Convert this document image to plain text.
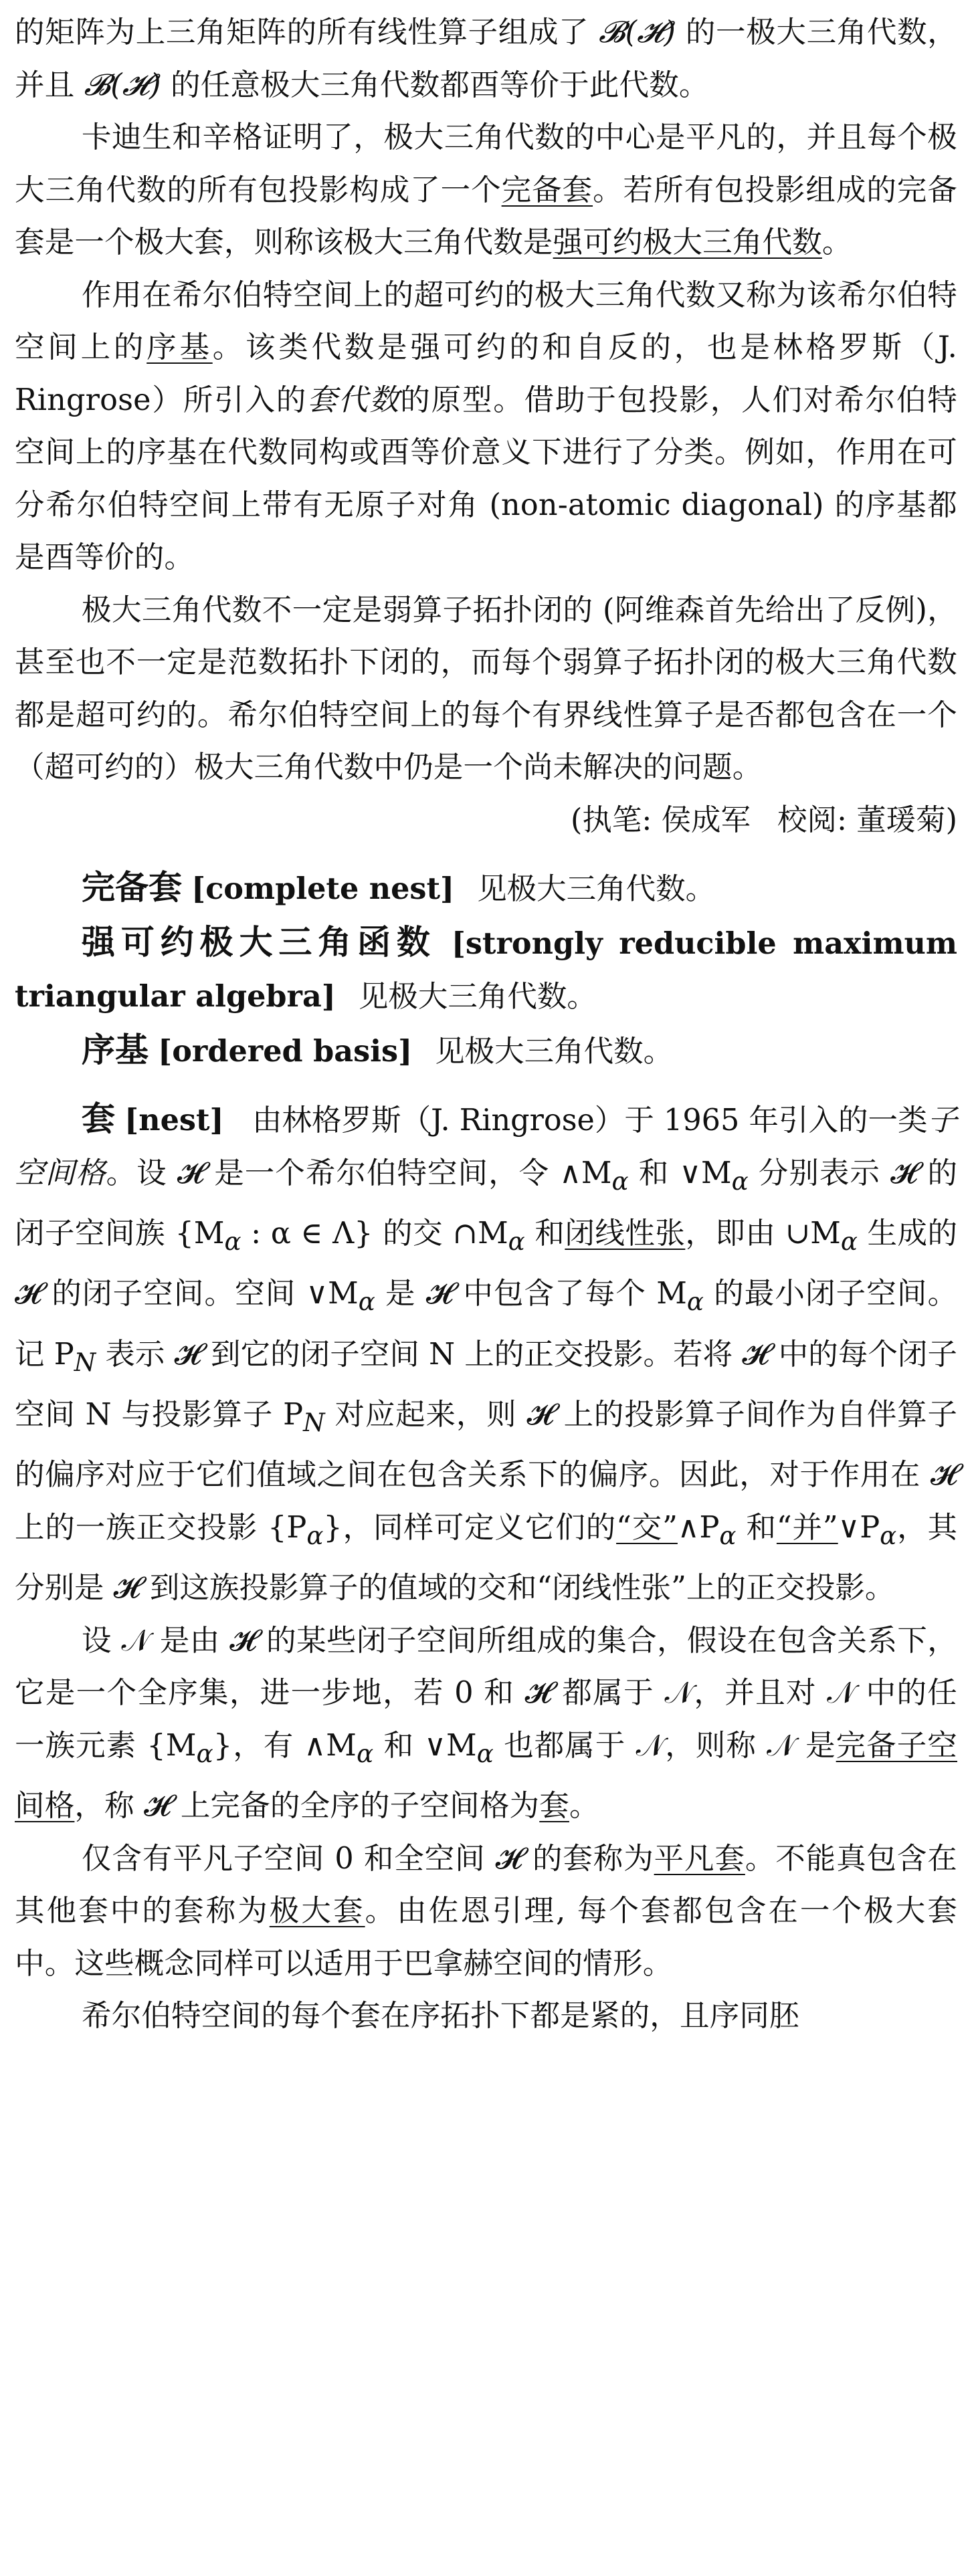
的矩阵为上三角矩阵的所有线性算子组成了 𝓑(𝓗) 的一极大三角代数，并且 𝓑(𝓗) 的任意极大三角代数都酉等价于此代数。

卡迪生和辛格证明了，极大三角代数的中心是平凡的，并且每个极大三角代数的所有包投影构成了一个完备套。若所有包投影组成的完备套是一个极大套，则称该极大三角代数是强可约极大三角代数。

作用在希尔伯特空间上的超可约的极大三角代数又称为该希尔伯特空间上的序基。该类代数是强可约的和自反的，也是林格罗斯（J. Ringrose）所引入的套代数的原型。借助于包投影，人们对希尔伯特空间上的序基在代数同构或酉等价意义下进行了分类。例如，作用在可分希尔伯特空间上带有无原子对角 (non-atomic diagonal) 的序基都是酉等价的。

极大三角代数不一定是弱算子拓扑闭的 (阿维森首先给出了反例)，甚至也不一定是范数拓扑下闭的，而每个弱算子拓扑闭的极大三角代数都是超可约的。希尔伯特空间上的每个有界线性算子是否都包含在一个（超可约的）极大三角代数中仍是一个尚未解决的问题。

(执笔: 侯成军 校阅: 董瑗菊)

完备套 [complete nest] 见极大三角代数。

强可约极大三角函数 [strongly reducible maximum triangular algebra] 见极大三角代数。

序基 [ordered basis] 见极大三角代数。

套 [nest] 由林格罗斯（J. Ringrose）于 1965 年引入的一类子空间格。设 𝓗 是一个希尔伯特空间，令 $\wedge M_\alpha$ 和 $\vee M_\alpha$ 分别表示 𝓗 的闭子空间族 {$M_\alpha$ : α ∈ Λ} 的交 $\cap M_\alpha$ 和闭线性张，即由 $\cup M_\alpha$ 生成的 𝓗 的闭子空间。空间 $\vee M_\alpha$ 是 𝓗 中包含了每个 $M_\alpha$ 的最小闭子空间。记 $P_N$ 表示 𝓗 到它的闭子空间 N 上的正交投影。若将 𝓗 中的每个闭子空间 N 与投影算子 $P_N$ 对应起来，则 𝓗 上的投影算子间作为自伴算子的偏序对应于它们值域之间在包含关系下的偏序。因此，对于作用在 𝓗 上的一族正交投影 $\{P_\alpha\}$，同样可定义它们的“交$”\wedge P_\alpha$ 和“并$”\vee P_\alpha$，其分别是 𝓗 到这族投影算子的值域的交和“闭线性张”上的正交投影。

设 𝒩 是由 𝓗 的某些闭子空间所组成的集合，假设在包含关系下，它是一个全序集，进一步地，若 0 和 𝓗 都属于 𝒩，并且对 𝒩 中的任一族元素 $\{M_\alpha\}$，有 $\wedge M_\alpha$ 和 $\vee M_\alpha$ 也都属于 𝒩，则称 𝒩 是完备子空间格，称 𝓗 上完备的全序的子空间格为套。

仅含有平凡子空间 0 和全空间 𝓗 的套称为平凡套。不能真包含在其他套中的套称为极大套。由佐恩引理, 每个套都包含在一个极大套中。这些概念同样可以适用于巴拿赫空间的情形。

希尔伯特空间的每个套在序拓扑下都是紧的，且序同胚
